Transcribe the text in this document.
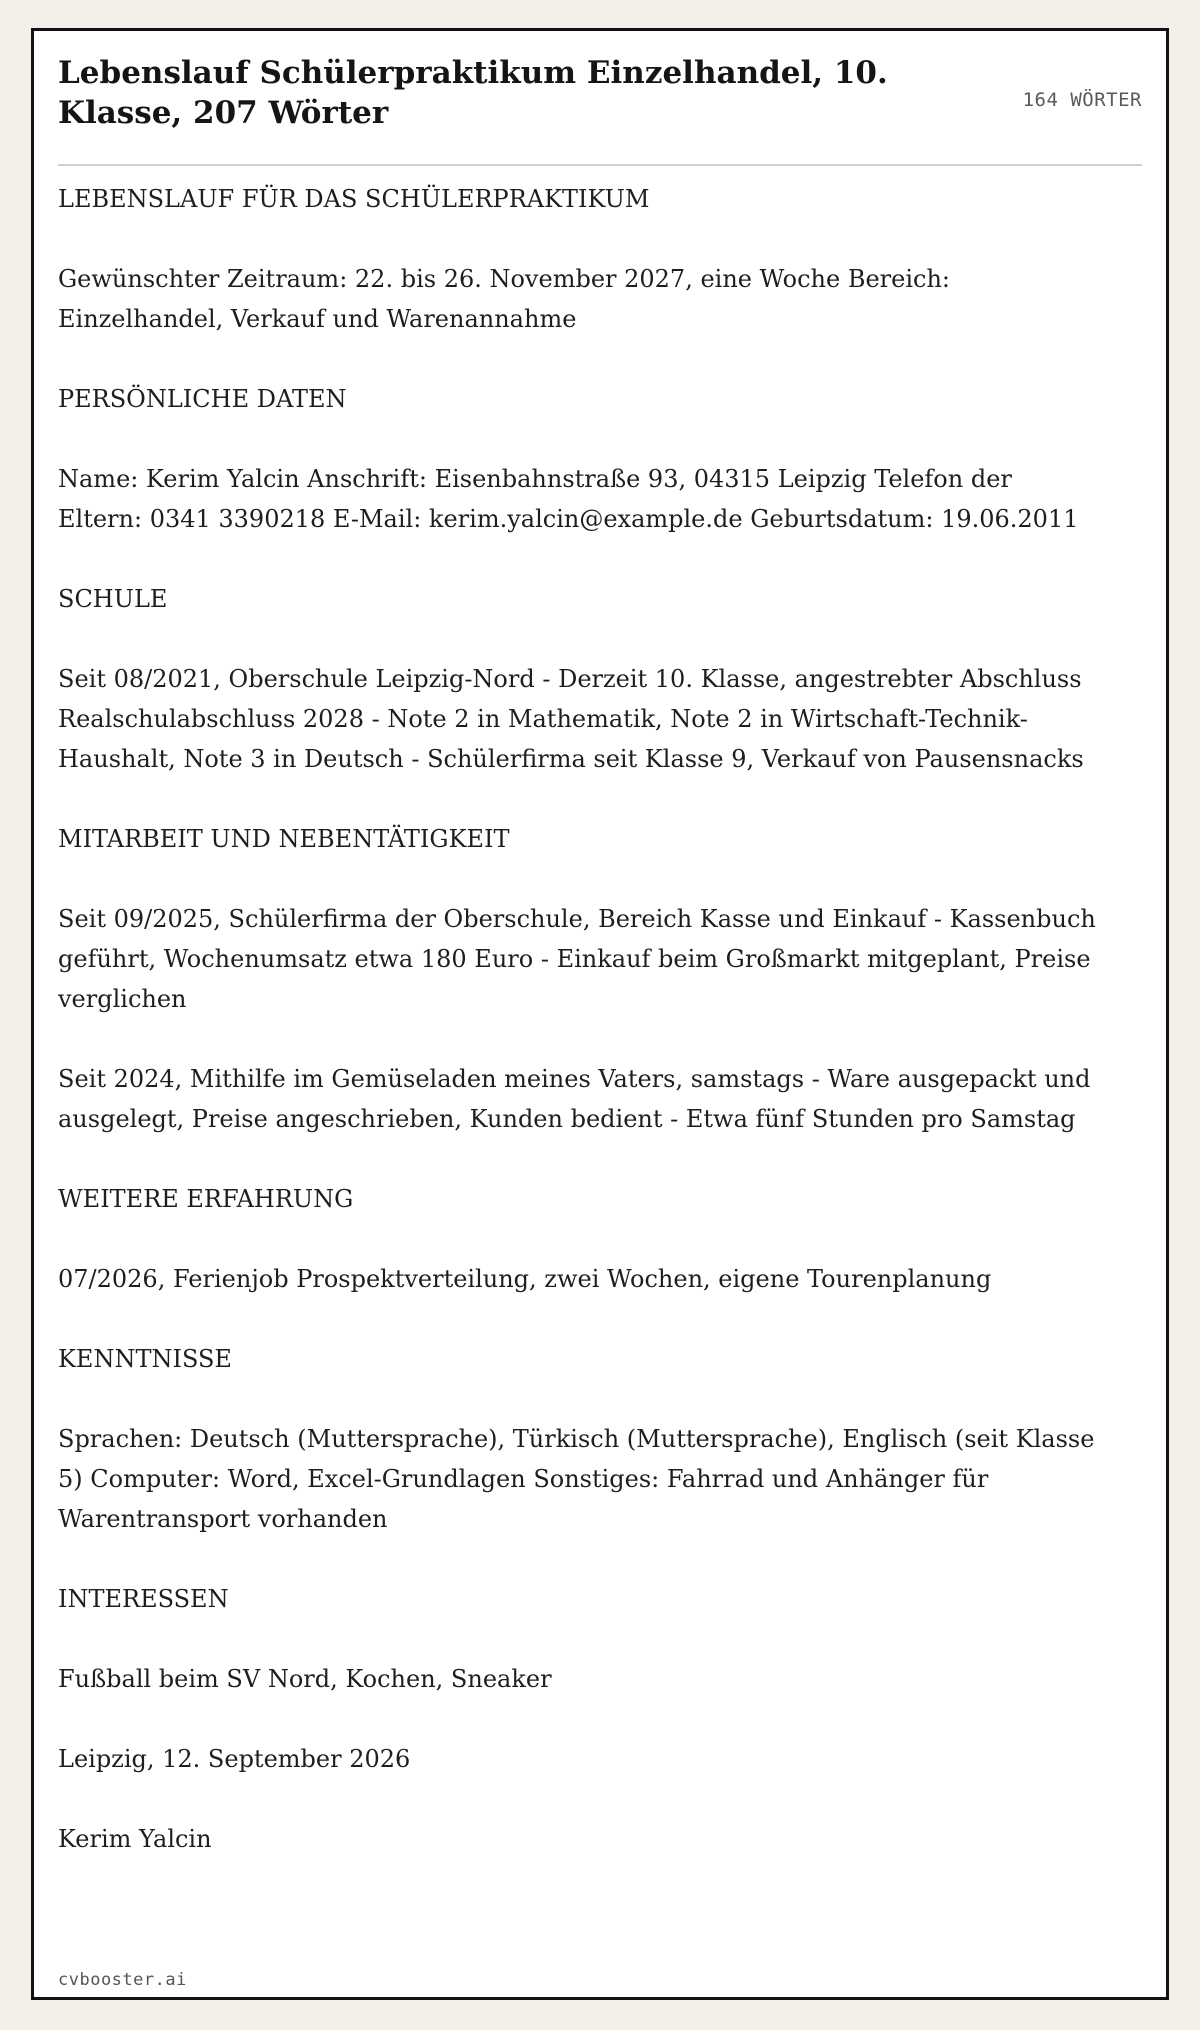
Lebenslauf Schülerpraktikum Einzelhandel, 10. Klasse, 207 Wörter	164 WÖRTER

LEBENSLAUF FÜR DAS SCHÜLERPRAKTIKUM

Gewünschter Zeitraum: 22. bis 26. November 2027, eine Woche Bereich: Einzelhandel, Verkauf und Warenannahme

PERSÖNLICHE DATEN

Name: Kerim Yalcin Anschrift: Eisenbahnstraße 93, 04315 Leipzig Telefon der Eltern: 0341 3390218 E-Mail: kerim.yalcin@example.de Geburtsdatum: 19.06.2011

SCHULE

Seit 08/2021, Oberschule Leipzig-Nord - Derzeit 10. Klasse, angestrebter Abschluss Realschulabschluss 2028 - Note 2 in Mathematik, Note 2 in Wirtschaft-Technik-Haushalt, Note 3 in Deutsch - Schülerfirma seit Klasse 9, Verkauf von Pausensnacks

MITARBEIT UND NEBENTÄTIGKEIT

Seit 09/2025, Schülerfirma der Oberschule, Bereich Kasse und Einkauf - Kassenbuch geführt, Wochenumsatz etwa 180 Euro - Einkauf beim Großmarkt mitgeplant, Preise verglichen

Seit 2024, Mithilfe im Gemüseladen meines Vaters, samstags - Ware ausgepackt und ausgelegt, Preise angeschrieben, Kunden bedient - Etwa fünf Stunden pro Samstag

WEITERE ERFAHRUNG

07/2026, Ferienjob Prospektverteilung, zwei Wochen, eigene Tourenplanung

KENNTNISSE

Sprachen: Deutsch (Muttersprache), Türkisch (Muttersprache), Englisch (seit Klasse 5) Computer: Word, Excel-Grundlagen Sonstiges: Fahrrad und Anhänger für Warentransport vorhanden

INTERESSEN

Fußball beim SV Nord, Kochen, Sneaker

Leipzig, 12. September 2026

Kerim Yalcin

cvbooster.ai
